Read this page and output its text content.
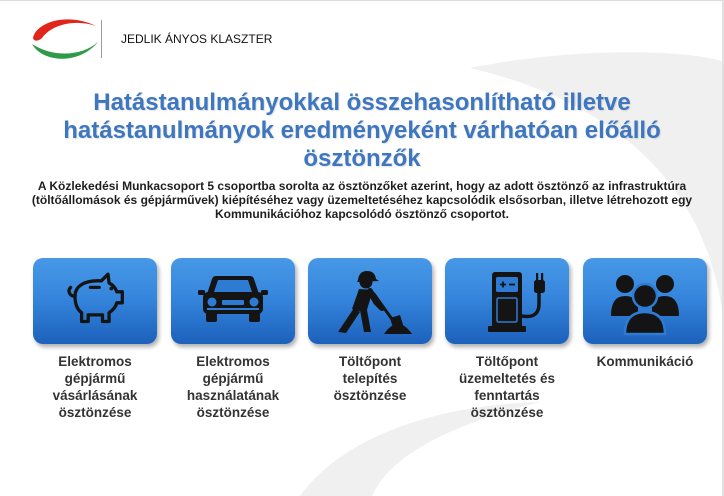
JEDLIK ÁNYOS KLASZTER
Hatástanulmányokkal összehasonlítható illetve
hatástanulmányok eredményeként várhatóan előálló
ösztönzők
A Közlekedési Munkacsoport 5 csoportba sorolta az ösztönzőket azerint, hogy az adott ösztönző az infrastruktúra
(töltőállomások és gépjárművek) kiépítéséhez vagy üzemeltetéséhez kapcsolódik elsősorban, illetve létrehozott egy
Kommunikációhoz kapcsolódó ösztönző csoportot.
Elektromos
gépjármű
vásárlásának
ösztönzése
Elektromos
gépjármű
használatának
ösztönzése
Töltőpont
telepítés
ösztönzése
Töltőpont
üzemeltetés és
fenntartás
ösztönzése
Kommunikáció
